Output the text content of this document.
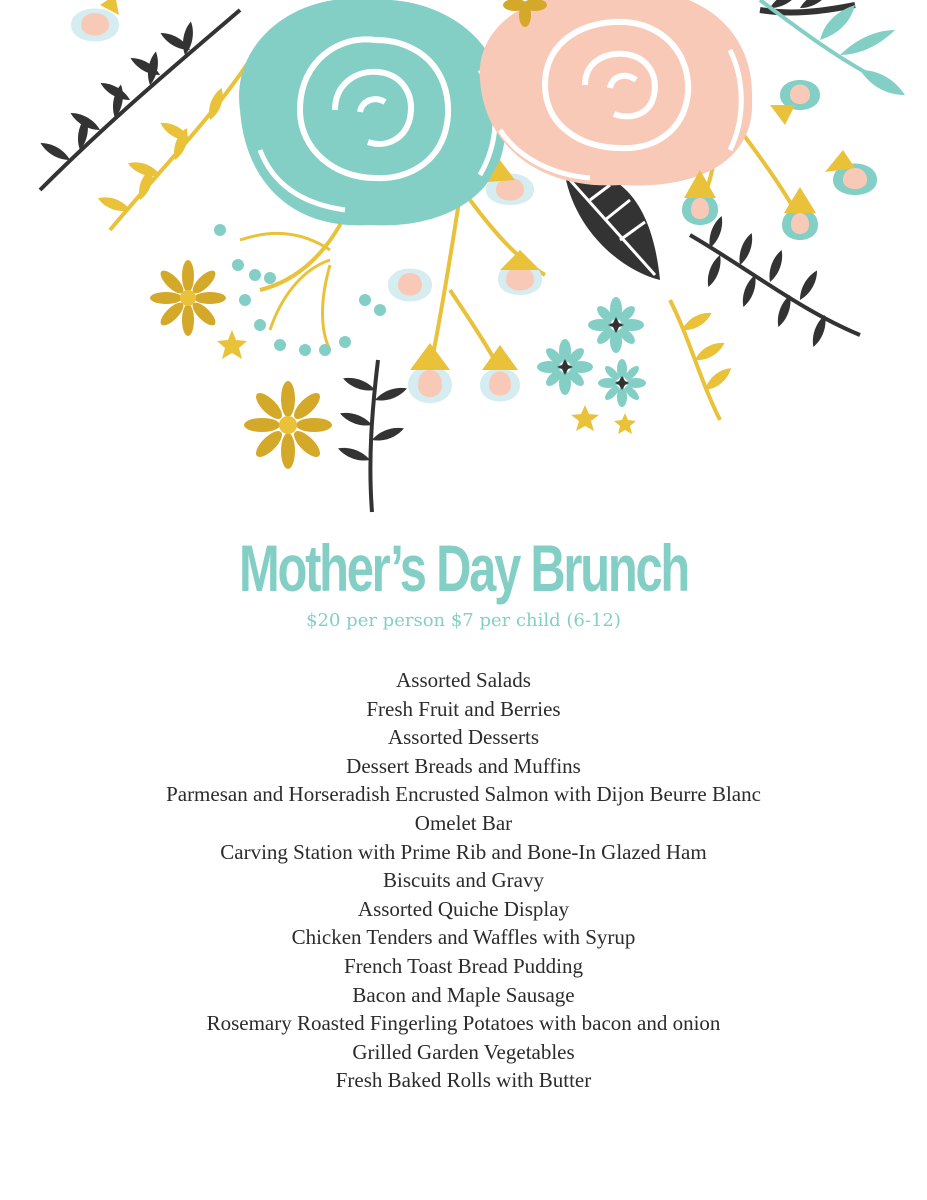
Mother’s Day Brunch
$20 per person $7 per child (6-12)
Assorted Salads
Fresh Fruit and Berries
Assorted Desserts
Dessert Breads and Muffins
Parmesan and Horseradish Encrusted Salmon with Dijon Beurre Blanc
Omelet Bar
Carving Station with Prime Rib and Bone-In Glazed Ham
Biscuits and Gravy
Assorted Quiche Display
Chicken Tenders and Waffles with Syrup
French Toast Bread Pudding
Bacon and Maple Sausage
Rosemary Roasted Fingerling Potatoes with bacon and onion
Grilled Garden Vegetables
Fresh Baked Rolls with Butter
